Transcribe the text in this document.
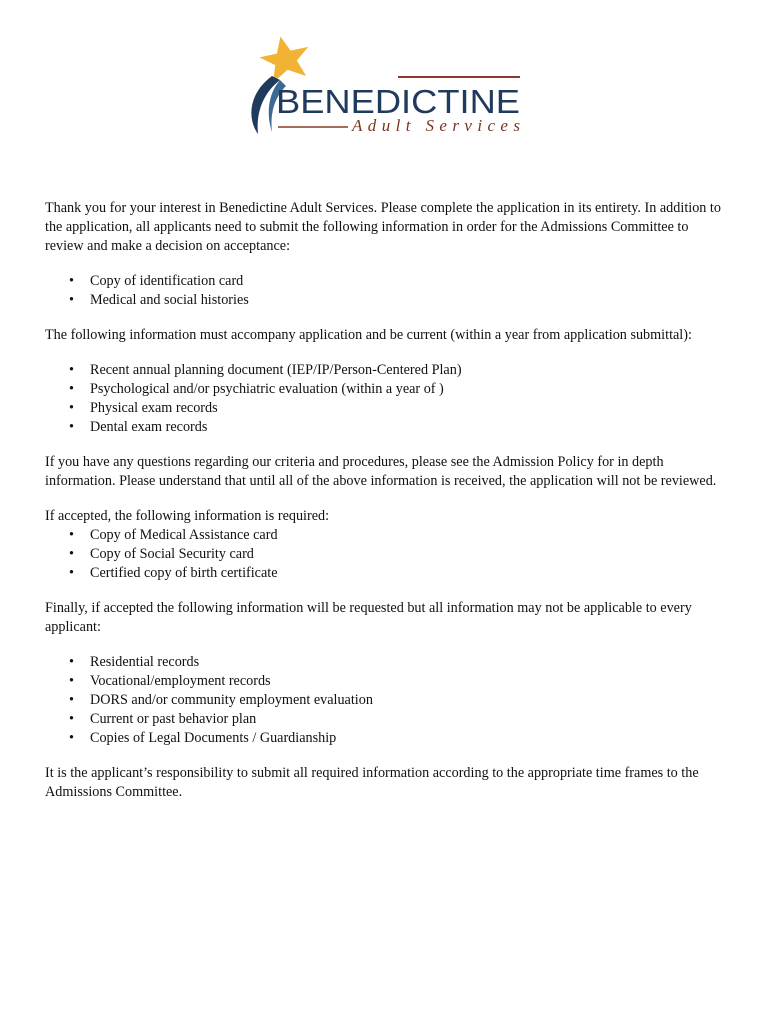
BENEDICTINE
Adult Services

Thank you for your interest in Benedictine Adult Services. Please complete the application in its entirety. In addition to the application, all applicants need to submit the following information in order for the Admissions Committee to review and make a decision on acceptance:

• Copy of identification card
• Medical and social histories

The following information must accompany application and be current (within a year from application submittal):

• Recent annual planning document (IEP/IP/Person-Centered Plan)
• Psychological and/or psychiatric evaluation (within a year of )
• Physical exam records
• Dental exam records

If you have any questions regarding our criteria and procedures, please see the Admission Policy for in depth information. Please understand that until all of the above information is received, the application will not be reviewed.

If accepted, the following information is required:

• Copy of Medical Assistance card
• Copy of Social Security card
• Certified copy of birth certificate

Finally, if accepted the following information will be requested but all information may not be applicable to every applicant:

• Residential records
• Vocational/employment records
• DORS and/or community employment evaluation
• Current or past behavior plan
• Copies of Legal Documents / Guardianship

It is the applicant’s responsibility to submit all required information according to the appropriate time frames to the Admissions Committee.
